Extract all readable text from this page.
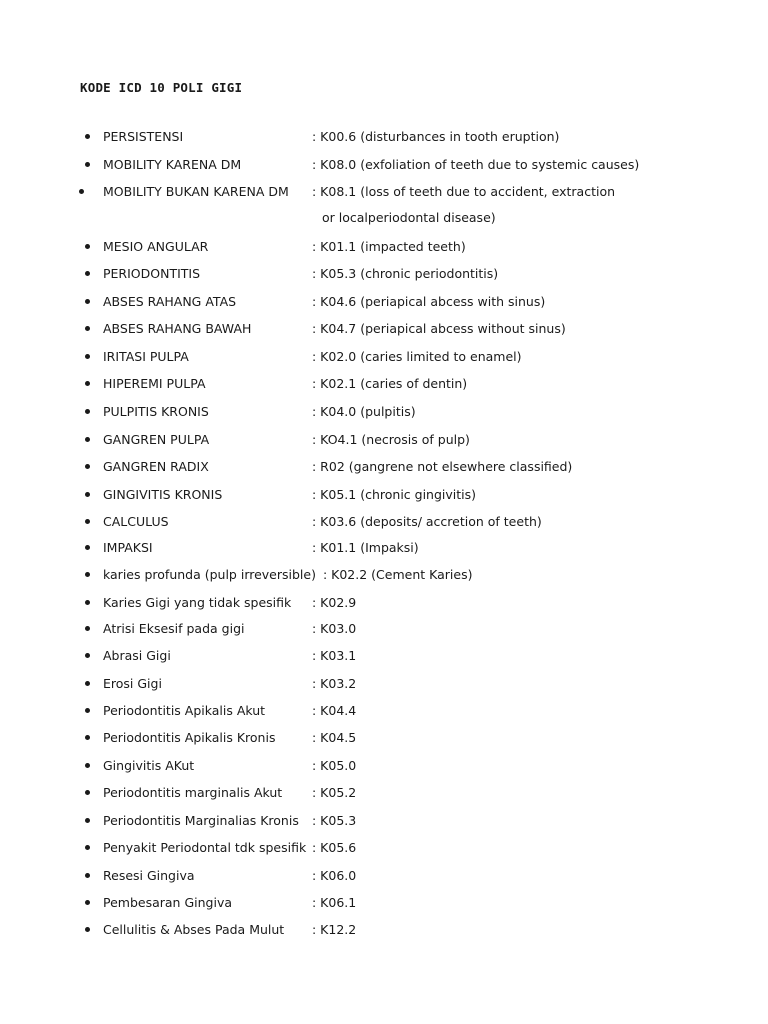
KODE ICD 10 POLI GIGI
PERSISTENSI	: K00.6 (disturbances in tooth eruption)
MOBILITY KARENA DM	: K08.0 (exfoliation of teeth due to systemic causes)
MOBILITY BUKAN KARENA DM : K08.1 (loss of teeth due to accident, extraction
or localperiodontal disease)
MESIO ANGULAR	: K01.1 (impacted teeth)
PERIODONTITIS	: K05.3 (chronic periodontitis)
ABSES RAHANG ATAS	: K04.6 (periapical abcess with sinus)
ABSES RAHANG BAWAH	: K04.7 (periapical abcess without sinus)
IRITASI PULPA	: K02.0 (caries limited to enamel)
HIPEREMI PULPA	: K02.1 (caries of dentin)
PULPITIS KRONIS	: K04.0 (pulpitis)
GANGREN PULPA	: KO4.1 (necrosis of pulp)
GANGREN RADIX	: R02 (gangrene not elsewhere classified)
GINGIVITIS KRONIS	: K05.1 (chronic gingivitis)
CALCULUS	: K03.6 (deposits/ accretion of teeth)
IMPAKSI	: K01.1 (Impaksi)
karies profunda (pulp irreversible) : K02.2 (Cement Karies)
Karies Gigi yang tidak spesifik : K02.9
Atrisi Eksesif pada gigi	: K03.0
Abrasi Gigi	: K03.1
Erosi Gigi	: K03.2
Periodontitis Apikalis Akut	: K04.4
Periodontitis Apikalis Kronis	: K04.5
Gingivitis AKut	: K05.0
Periodontitis marginalis Akut : K05.2
Periodontitis Marginalias Kronis : K05.3
Penyakit Periodontal tdk spesifik : K05.6
Resesi Gingiva	: K06.0
Pembesaran Gingiva	: K06.1
Cellulitis & Abses Pada Mulut : K12.2
